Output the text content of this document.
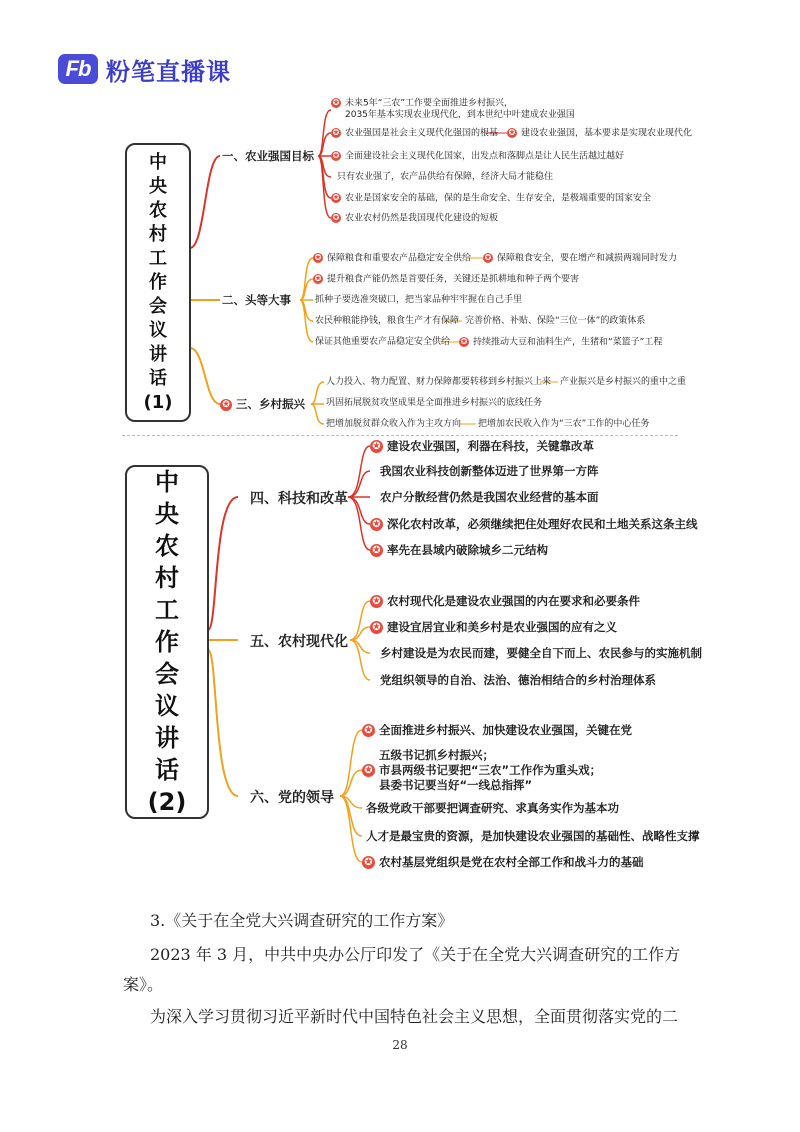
Fb 粉笔直播课
中
央
农
村
工
作
会
议
讲
话
(1)
一、农业强国目标
✪ 未来5年“三农”工作要全面推进乡村振兴，
2035年基本实现农业现代化，到本世纪中叶建成农业强国
✪ 农业强国是社会主义现代化强国的根基 ✪ 建设农业强国，基本要求是实现农业现代化
✪ 全面建设社会主义现代化国家，出发点和落脚点是让人民生活越过越好
只有农业强了，农产品供给有保障，经济大局才能稳住
✪ 农业是国家安全的基础，保的是生命安全、生存安全，是极端重要的国家安全
✪ 农业农村仍然是我国现代化建设的短板
二、头等大事
✪ 保障粮食和重要农产品稳定安全供给 ✪ 保障粮食安全，要在增产和减损两端同时发力
✪ 提升粮食产能仍然是首要任务，关键还是抓耕地和种子两个要害
抓种子要选准突破口，把当家品种牢牢握在自己手里
农民种粮能挣钱，粮食生产才有保障 完善价格、补贴、保险“三位一体”的政策体系
保证其他重要农产品稳定安全供给 ✪ 持续推动大豆和油料生产，生猪和“菜篮子”工程
✪ 三、乡村振兴
人力投入、物力配置、财力保障都要转移到乡村振兴上来 产业振兴是乡村振兴的重中之重
巩固拓展脱贫攻坚成果是全面推进乡村振兴的底线任务
把增加脱贫群众收入作为主攻方向 把增加农民收入作为“三农”工作的中心任务
中
央
农
村
工
作
会
议
讲
话
(2)
四、科技和改革
✪ 建设农业强国，利器在科技，关键靠改革
我国农业科技创新整体迈进了世界第一方阵
农户分散经营仍然是我国农业经营的基本面
✪ 深化农村改革，必须继续把住处理好农民和土地关系这条主线
✪ 率先在县域内破除城乡二元结构
五、农村现代化
✪ 农村现代化是建设农业强国的内在要求和必要条件
✪ 建设宜居宜业和美乡村是农业强国的应有之义
乡村建设是为农民而建，要健全自下而上、农民参与的实施机制
党组织领导的自治、法治、德治相结合的乡村治理体系
六、党的领导
✪ 全面推进乡村振兴、加快建设农业强国，关键在党
✪
五级书记抓乡村振兴；
市县两级书记要把“三农”工作作为重头戏；
县委书记要当好“一线总指挥”
各级党政干部要把调查研究、求真务实作为基本功
人才是最宝贵的资源，是加快建设农业强国的基础性、战略性支撑
✪ 农村基层党组织是党在农村全部工作和战斗力的基础
3.《关于在全党大兴调查研究的工作方案》
2023 年 3 月，中共中央办公厅印发了《关于在全党大兴调查研究的工作方
案》。
为深入学习贯彻习近平新时代中国特色社会主义思想，全面贯彻落实党的二
28
